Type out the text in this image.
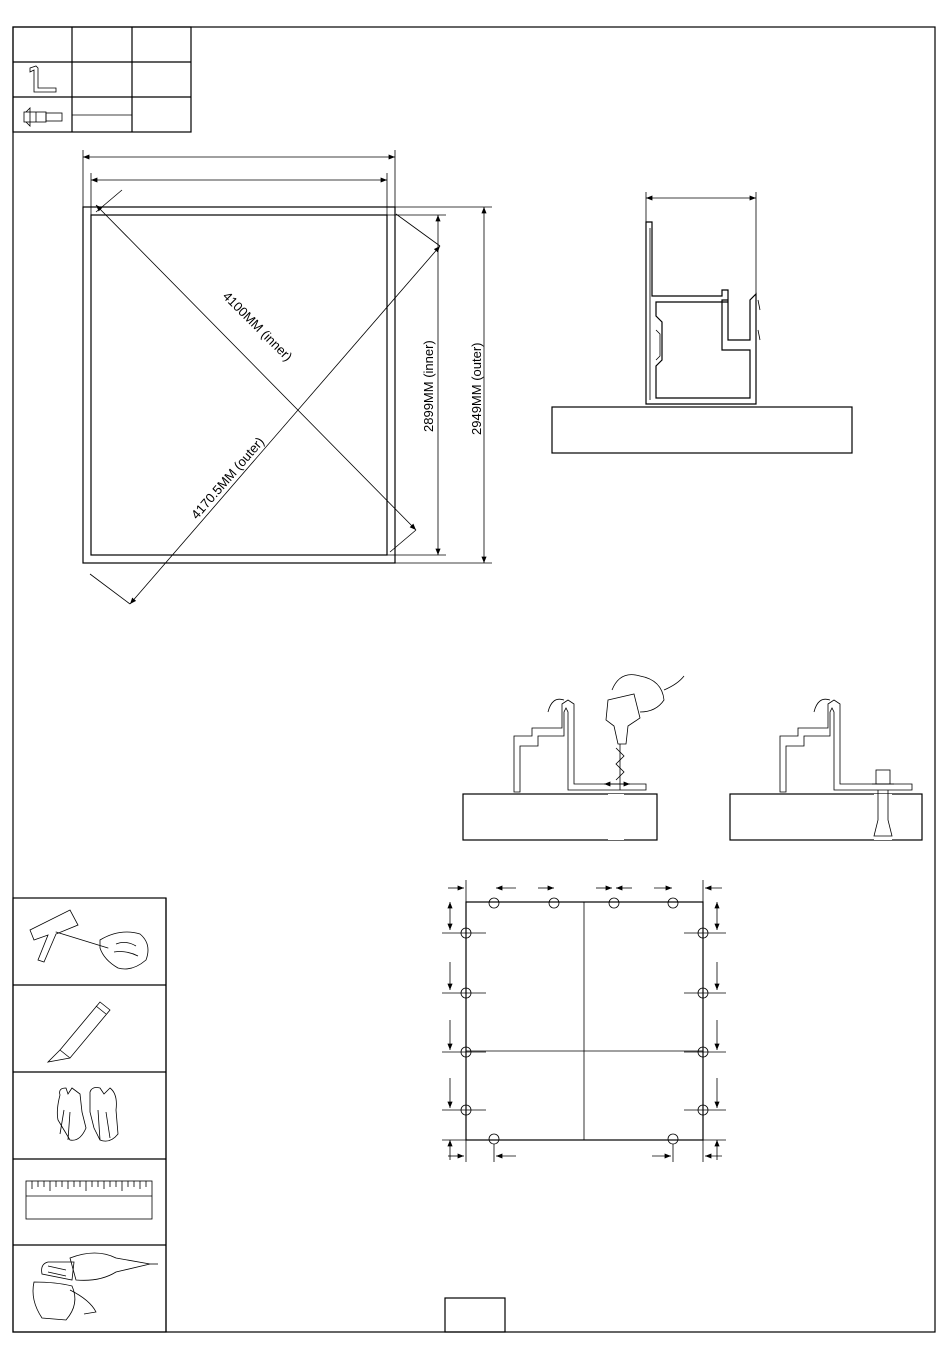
4100MM (inner)
4170.5MM (outer)
2899MM (inner)	2949MM (outer)
